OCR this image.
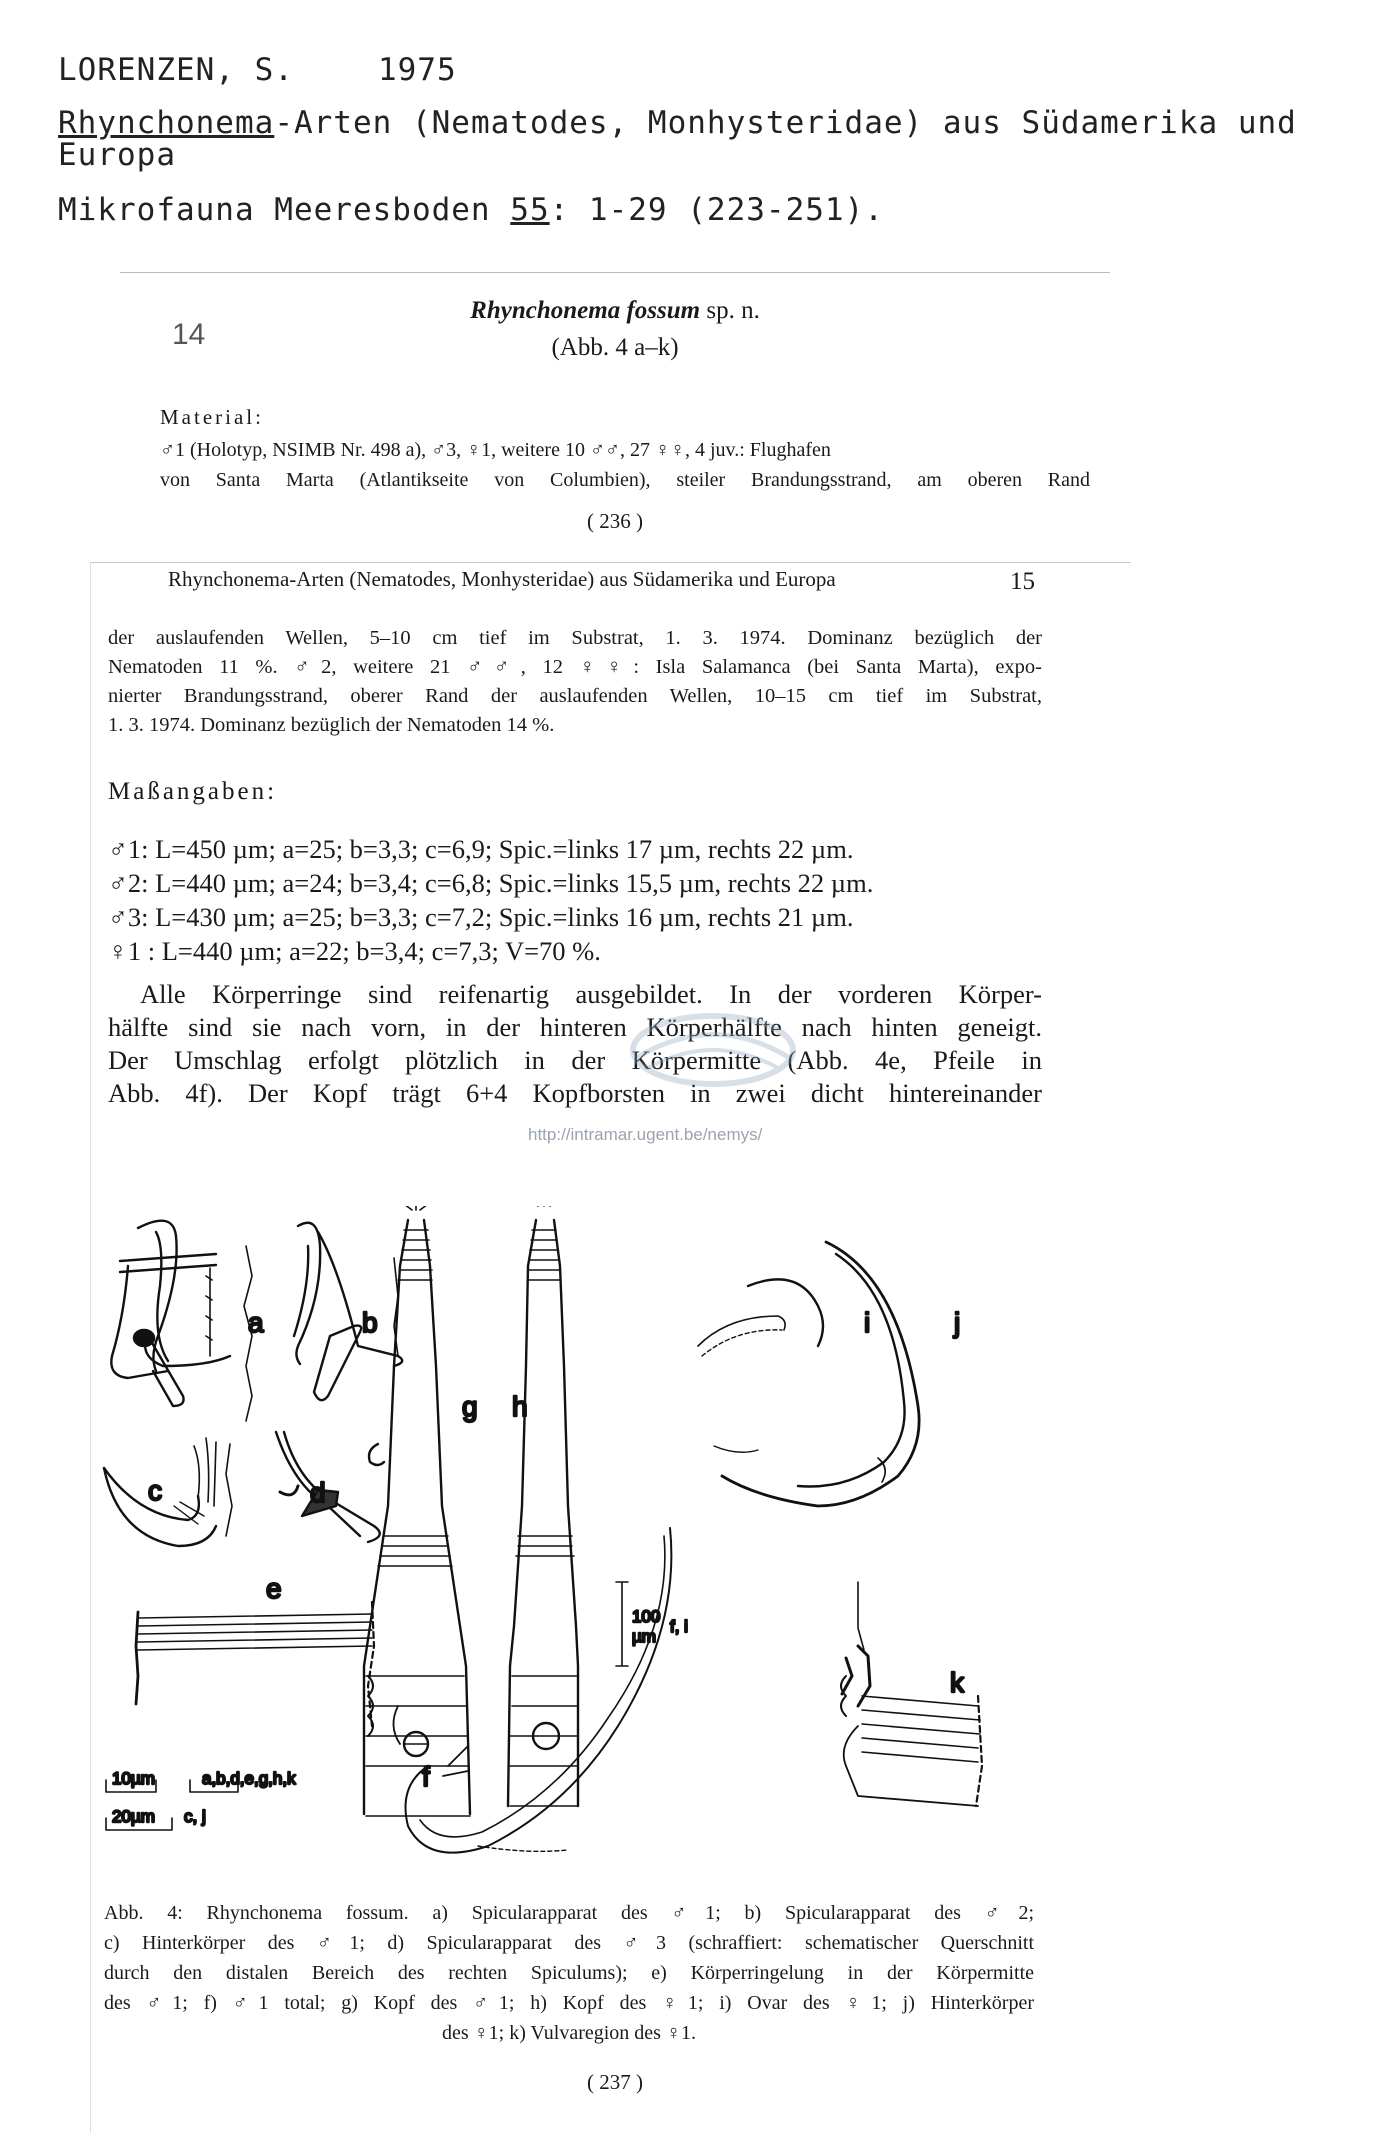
LORENZEN, S.	1975
Rhynchonema-Arten (Nematodes, Monhysteridae) aus Südamerika und
Europa
Mikrofauna Meeresboden 55: 1-29 (223-251).
14
Rhynchonema fossum sp. n.
(Abb. 4 a–k)
Material:
♂1 (Holotyp, NSIMB Nr. 498 a), ♂3, ♀1, weitere 10 ♂♂, 27 ♀♀, 4 juv.: Flughafen
von Santa Marta (Atlantikseite von Columbien), steiler Brandungsstrand, am oberen Rand
( 236 )
Rhynchonema-Arten (Nematodes, Monhysteridae) aus Südamerika und Europa	15
der auslaufenden Wellen, 5–10 cm tief im Substrat, 1. 3. 1974. Dominanz bezüglich der
Nematoden 11 %. ♂2, weitere 21 ♂♂, 12 ♀♀: Isla Salamanca (bei Santa Marta), expo-
nierter Brandungsstrand, oberer Rand der auslaufenden Wellen, 10–15 cm tief im Substrat,
1. 3. 1974. Dominanz bezüglich der Nematoden 14 %.
Maßangaben:
♂1: L=450 µm; a=25; b=3,3; c=6,9; Spic.=links 17 µm, rechts 22 µm.
♂2: L=440 µm; a=24; b=3,4; c=6,8; Spic.=links 15,5 µm, rechts 22 µm.
♂3: L=430 µm; a=25; b=3,3; c=7,2; Spic.=links 16 µm, rechts 21 µm.
♀1 : L=440 µm; a=22; b=3,4; c=7,3; V=70 %.
Alle Körperringe sind reifenartig ausgebildet. In der vorderen Körper-
hälfte sind sie nach vorn, in der hinteren Körperhälfte nach hinten geneigt.
Der Umschlag erfolgt plötzlich in der Körpermitte (Abb. 4e, Pfeile in
Abb. 4f). Der Kopf trägt 6+4 Kopfborsten in zwei dicht hintereinander
http://intramar.ugent.be/nemys/
a	b
c	d
e
f
g h
100
µm
f, i
i	j
k
10µm	a,b,d,e,g,h,k
20µm c, j
Abb. 4: Rhynchonema fossum. a) Spicularapparat des ♂1; b) Spicularapparat des ♂2;
c) Hinterkörper des ♂1; d) Spicularapparat des ♂3 (schraffiert: schematischer Querschnitt
durch den distalen Bereich des rechten Spiculums); e) Körperringelung in der Körpermitte
des ♂1; f) ♂1 total; g) Kopf des ♂1; h) Kopf des ♀1; i) Ovar des ♀1; j) Hinterkörper
des ♀1; k) Vulvaregion des ♀1.
( 237 )
